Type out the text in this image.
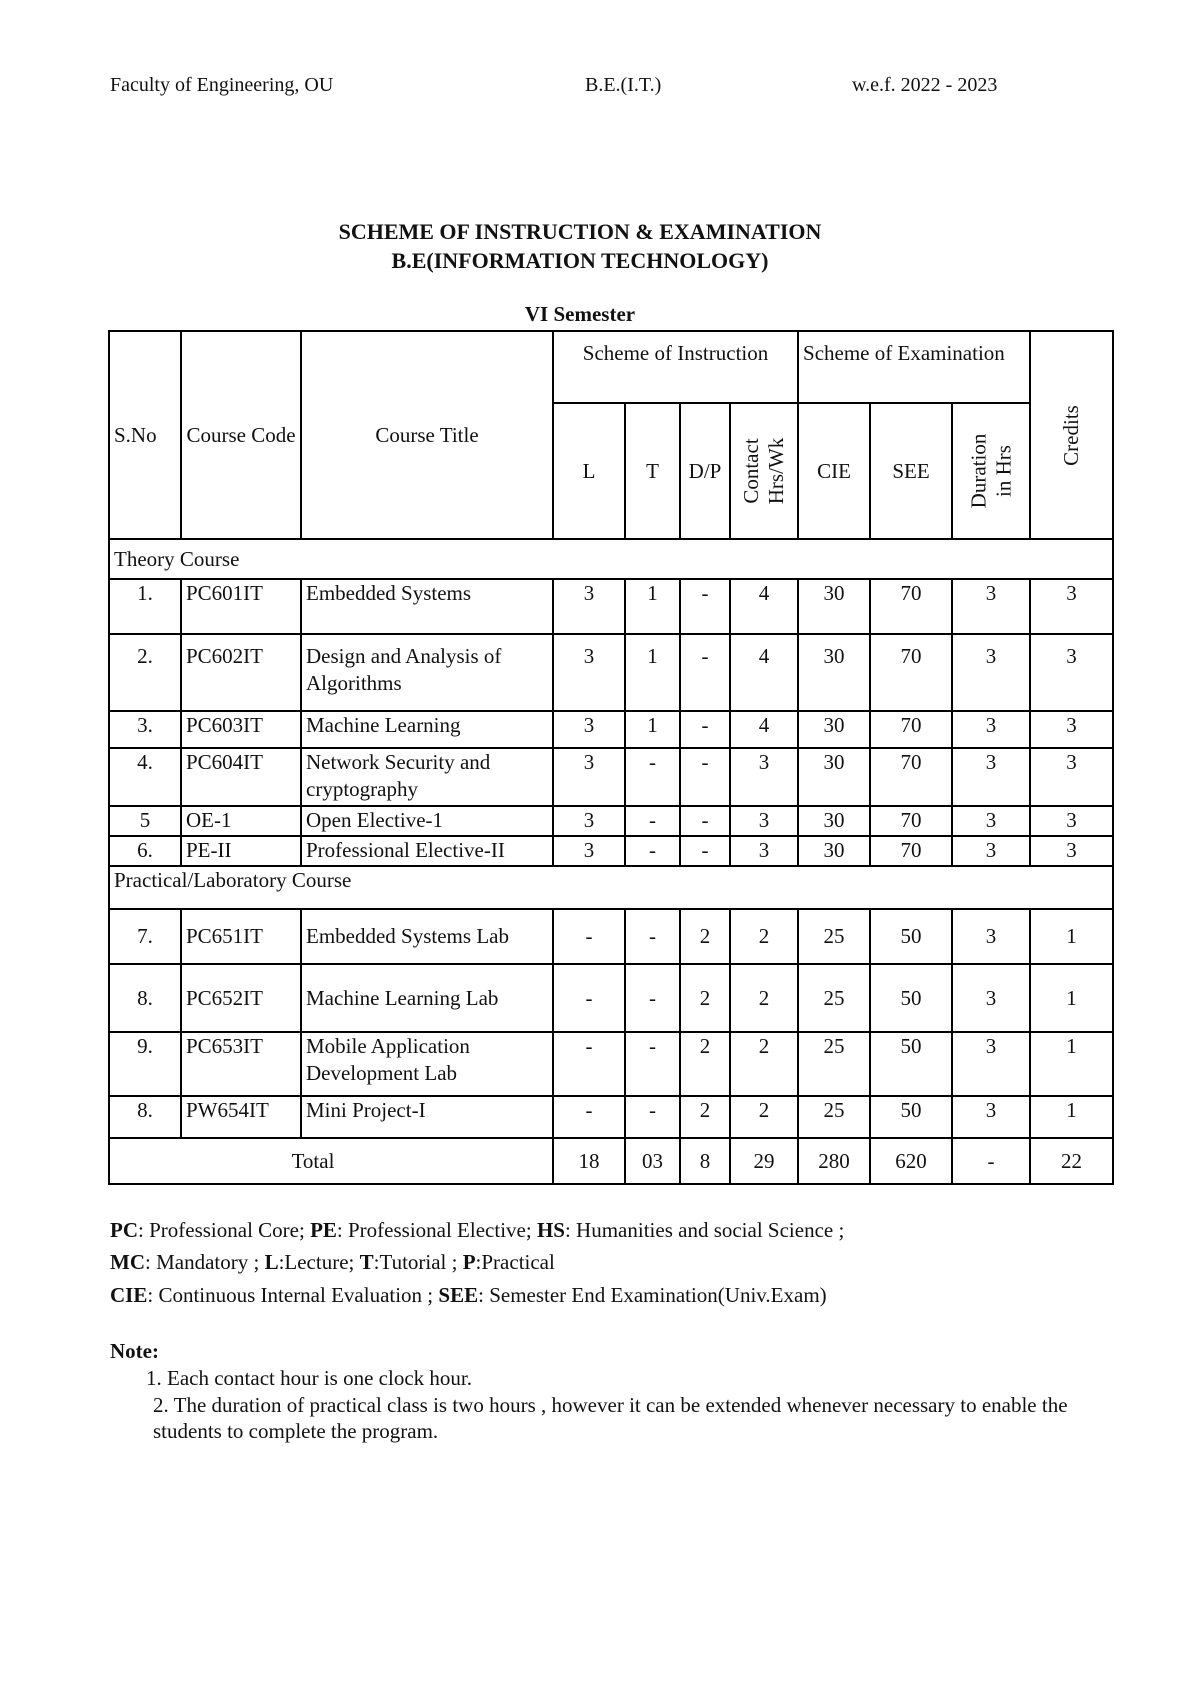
Faculty of Engineering, OU	B.E.(I.T.)	w.e.f. 2022 - 2023
SCHEME OF INSTRUCTION & EXAMINATION
B.E(INFORMATION TECHNOLOGY)
VI Semester
S.No	Course Code	Course Title	Scheme of Instruction				Scheme of Examination			Credits

			L	T	D/P	Contact Hrs/Wk	CIE	SEE	Duration in Hrs	

Theory Course										
1.	PC601IT	Embedded Systems	3	1	-	4	30	70	3	3
2.	PC602IT	Design and Analysis of Algorithms	3	1	-	4	30	70	3	3
3.	PC603IT	Machine Learning	3	1	-	4	30	70	3	3
4.	PC604IT	Network Security and cryptography	3	-	-	3	30	70	3	3
5	OE-1	Open Elective-1	3	-	-	3	30	70	3	3
6.	PE-II	Professional Elective-II	3	-	-	3	30	70	3	3
Practical/Laboratory Course										
7.	PC651IT	Embedded Systems Lab	-	-	2	2	25	50	3	1
8.	PC652IT	Machine Learning Lab	-	-	2	2	25	50	3	1
9.	PC653IT	Mobile Application Development Lab	-	-	2	2	25	50	3	1
8.	PW654IT	Mini Project-I	-	-	2	2	25	50	3	1
Total			18	03	8	29	280	620	-	22
PC: Professional Core; PE: Professional Elective; HS: Humanities and social Science ;
MC: Mandatory ; L:Lecture; T:Tutorial ; P:Practical
CIE: Continuous Internal Evaluation ; SEE: Semester End Examination(Univ.Exam)
Note:
1. Each contact hour is one clock hour.
2. The duration of practical class is two hours , however it can be extended whenever necessary to enable the students to complete the program.
